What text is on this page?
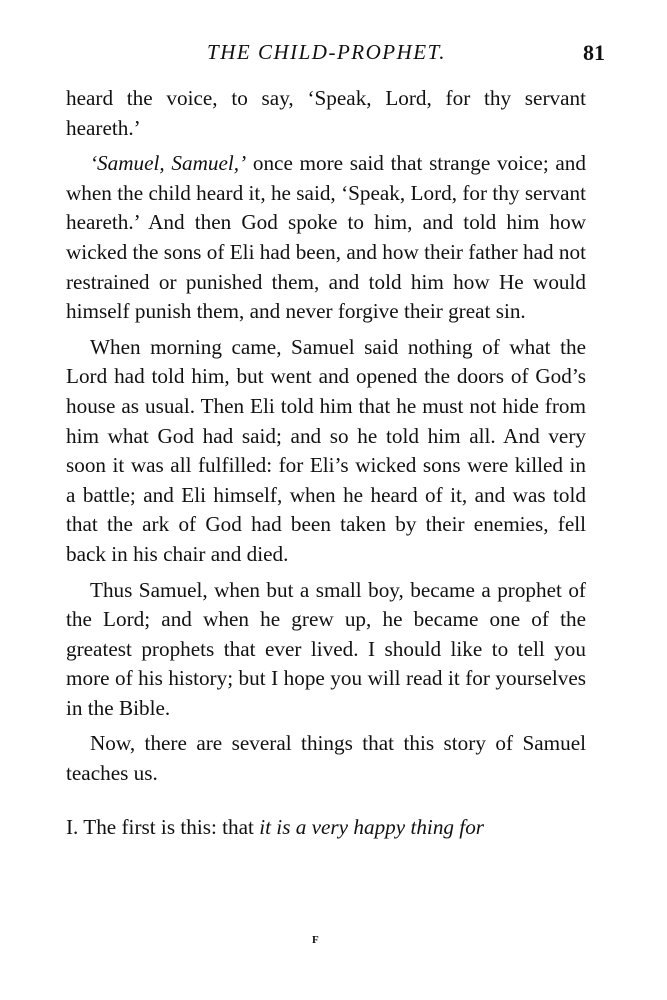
THE CHILD-PROPHET.	81

heard the voice, to say, ‘Speak, Lord, for thy servant heareth.’

‘Samuel, Samuel,’ once more said that strange voice; and when the child heard it, he said, ‘Speak, Lord, for thy servant heareth.’ And then God spoke to him, and told him how wicked the sons of Eli had been, and how their father had not restrained or punished them, and told him how He would himself punish them, and never forgive their great sin.

When morning came, Samuel said nothing of what the Lord had told him, but went and opened the doors of God’s house as usual. Then Eli told him that he must not hide from him what God had said; and so he told him all. And very soon it was all fulfilled: for Eli’s wicked sons were killed in a battle; and Eli himself, when he heard of it, and was told that the ark of God had been taken by their enemies, fell back in his chair and died.

Thus Samuel, when but a small boy, became a prophet of the Lord; and when he grew up, he became one of the greatest prophets that ever lived. I should like to tell you more of his history; but I hope you will read it for yourselves in the Bible.

Now, there are several things that this story of Samuel teaches us.

I. The first is this: that it is a very happy thing for

F
